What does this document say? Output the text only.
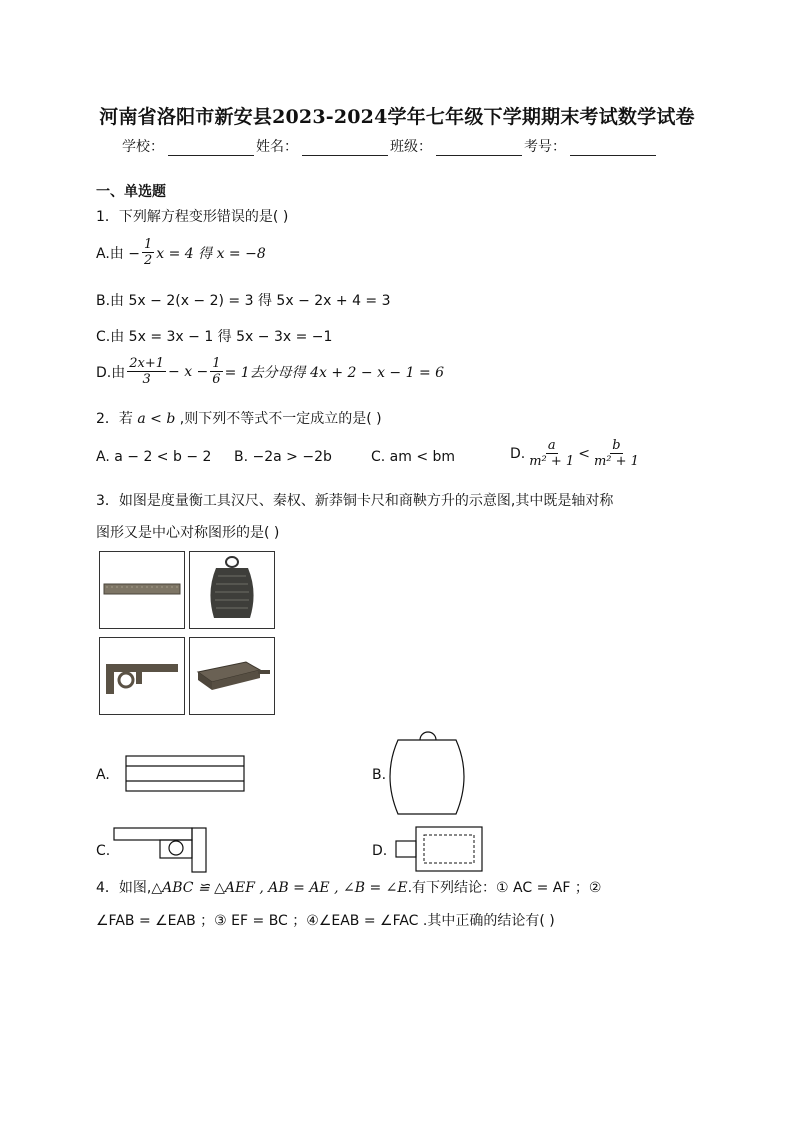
河南省洛阳市新安县2023-2024学年七年级下学期期末考试数学试卷
学校：	姓名：	班级：	考号：
一、单选题
1．下列解方程变形错误的是( )
A.由 − $\frac{1}{2}$ x = 4 得 x = −8
B.由 5x − 2(x − 2) = 3 得 5x − 2x + 4 = 3
C.由 5x = 3x − 1 得 5x − 3x = −1
D.由 $\frac{2x+1}{3} - x - \frac{1}{6} = 1$去分母得 4x + 2 − x − 1 = 6
2．若 a < b ,则下列不等式不一定成立的是( )
A. a − 2 < b − 2 B. −2a > −2b	C. am < bm	D. $\frac{a}{\text{m² + 1}} < \frac{b}{\text{m² + 1}}$
3．如图是度量衡工具汉尺、秦权、新莽铜卡尺和商鞅方升的示意图,其中既是轴对称
图形又是中心对称图形的是( )
A.	B.
C.	D.
4．如图,△ABC ≌ △AEF , AB = AE , ∠B = ∠E.有下列结论：① AC = AF ；②
∠FAB = ∠EAB ；③ EF = BC ；④∠EAB = ∠FAC .其中正确的结论有( )
